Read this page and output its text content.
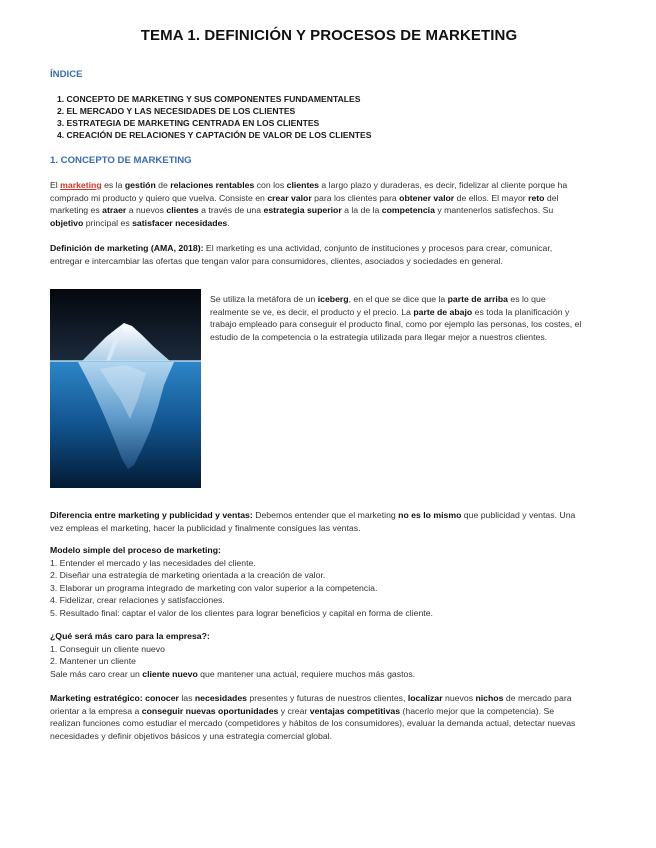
TEMA 1. DEFINICIÓN Y PROCESOS DE MARKETING
ÍNDICE
1. CONCEPTO DE MARKETING Y SUS COMPONENTES FUNDAMENTALES
2. EL MERCADO Y LAS NECESIDADES DE LOS CLIENTES
3. ESTRATEGIA DE MARKETING CENTRADA EN LOS CLIENTES
4. CREACIÓN DE RELACIONES Y CAPTACIÓN DE VALOR DE LOS CLIENTES
1. CONCEPTO DE MARKETING

El marketing es la gestión de relaciones rentables con los clientes a largo plazo y duraderas, es decir, fidelizar al cliente porque ha comprado mi producto y quiero que vuelva. Consiste en crear valor para los clientes para obtener valor de ellos. El mayor reto del marketing es atraer a nuevos clientes a través de una estrategia superior a la de la competencia y mantenerlos satisfechos. Su objetivo principal es satisfacer necesidades.

Definición de marketing (AMA, 2018): El marketing es una actividad, conjunto de instituciones y procesos para crear, comunicar, entregar e intercambiar las ofertas que tengan valor para consumidores, clientes, asociados y sociedades en general.

Se utiliza la metáfora de un iceberg, en el que se dice que la parte de arriba es lo que realmente se ve, es decir, el producto y el precio. La parte de abajo es toda la planificación y trabajo empleado para conseguir el producto final, como por ejemplo las personas, los costes, el estudio de la competencia o la estrategia utilizada para llegar mejor a nuestros clientes.

Diferencia entre marketing y publicidad y ventas: Debemos entender que el marketing no es lo mismo que publicidad y ventas. Una vez empleas el marketing, hacer la publicidad y finalmente consigues las ventas.

Modelo simple del proceso de marketing:
1. Entender el mercado y las necesidades del cliente.
2. Diseñar una estrategia de marketing orientada a la creación de valor.
3. Elaborar un programa integrado de marketing con valor superior a la competencia.
4. Fidelizar, crear relaciones y satisfacciones.
5. Resultado final: captar el valor de los clientes para lograr beneficios y capital en forma de cliente.
¿Qué será más caro para la empresa?:
1. Conseguir un cliente nuevo
2. Mantener un cliente

Sale más caro crear un cliente nuevo que mantener una actual, requiere muchos más gastos.

Marketing estratégico: conocer las necesidades presentes y futuras de nuestros clientes, localizar nuevos nichos de mercado para orientar a la empresa a conseguir nuevas oportunidades y crear ventajas competitivas (hacerlo mejor que la competencia). Se realizan funciones como estudiar el mercado (competidores y hábitos de los consumidores), evaluar la demanda actual, detectar nuevas necesidades y definir objetivos básicos y una estrategia comercial global.
